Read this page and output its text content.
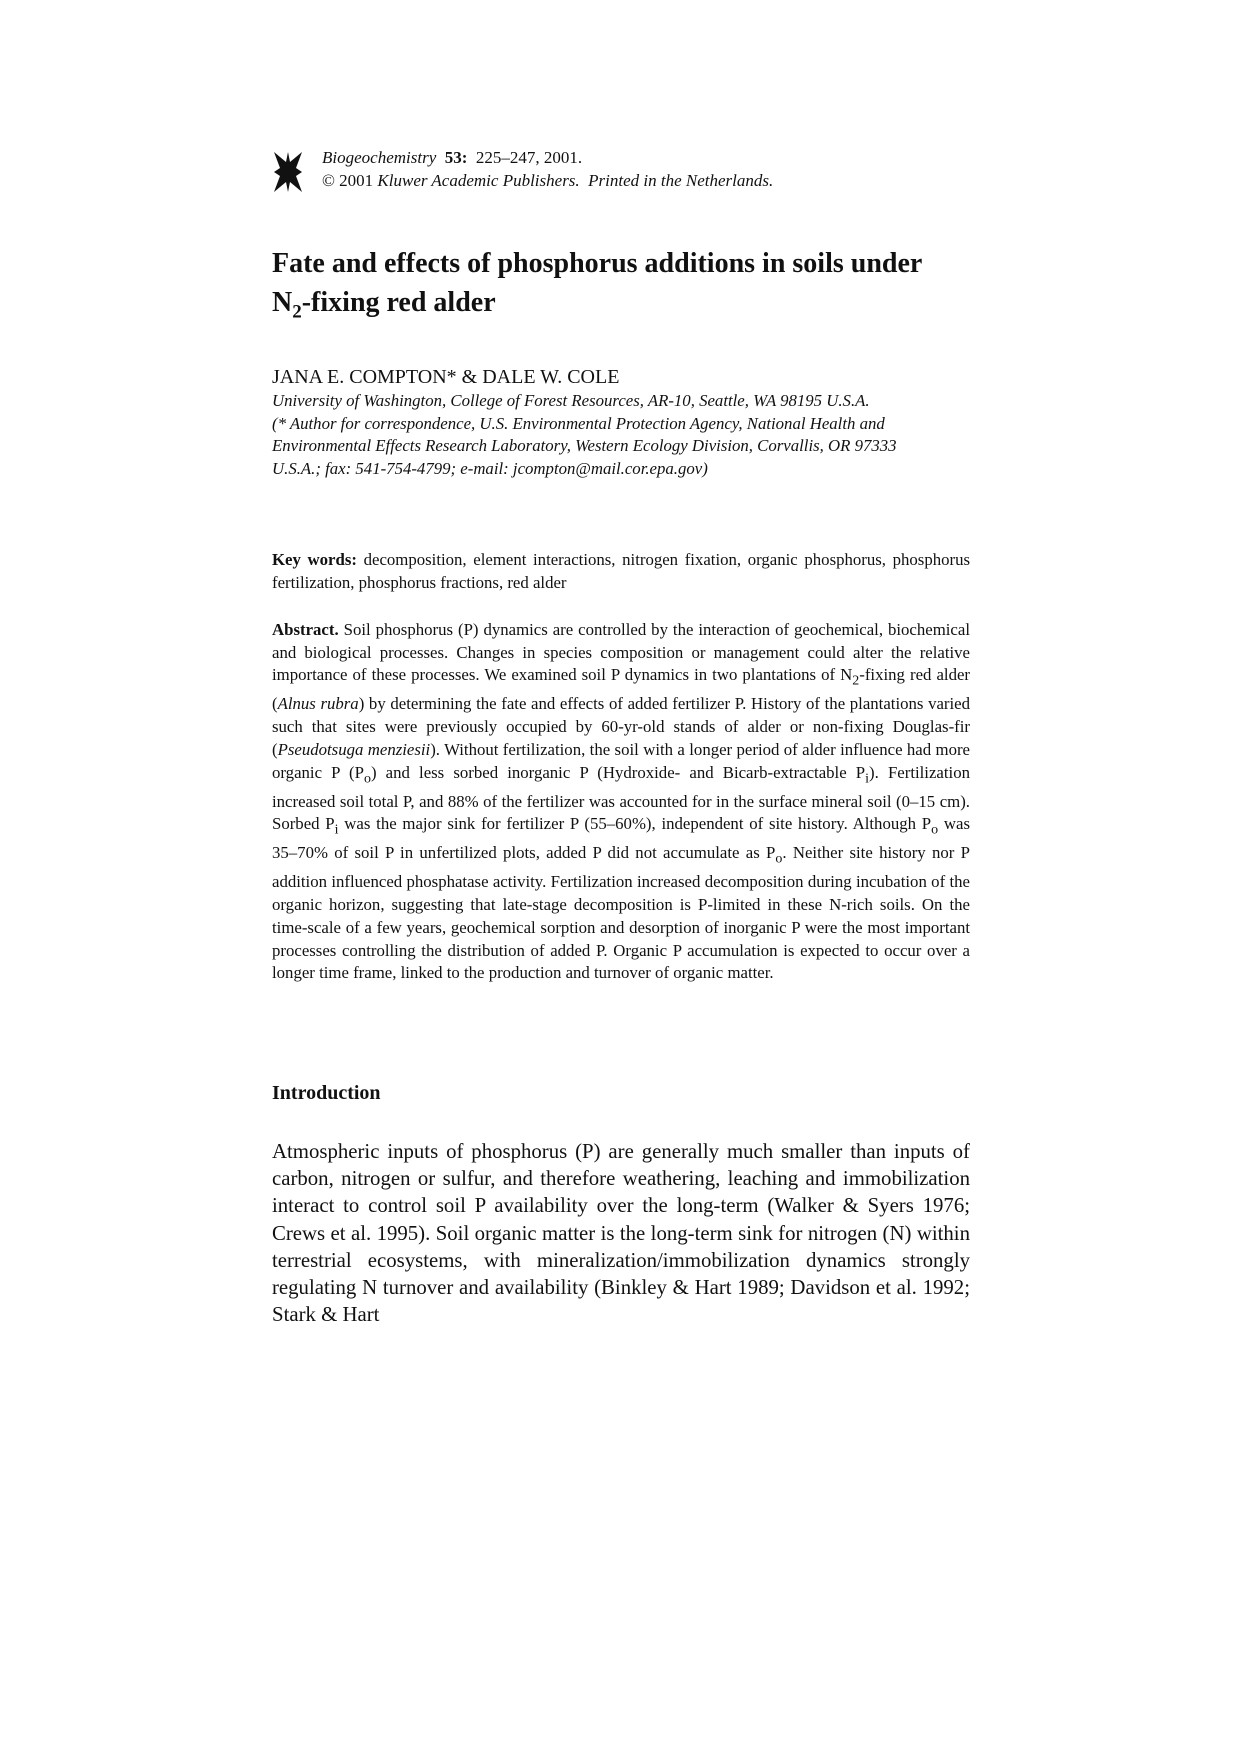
Biogeochemistry 53: 225–247, 2001.
© 2001 Kluwer Academic Publishers. Printed in the Netherlands.
Fate and effects of phosphorus additions in soils under
$N_2$-fixing red alder
JANA E. COMPTON* & DALE W. COLE
University of Washington, College of Forest Resources, AR-10, Seattle, WA 98195 U.S.A.
(* Author for correspondence, U.S. Environmental Protection Agency, National Health and
Environmental Effects Research Laboratory, Western Ecology Division, Corvallis, OR 97333
U.S.A.; fax: 541-754-4799; e-mail: jcompton@mail.cor.epa.gov)
Key words: decomposition, element interactions, nitrogen fixation, organic phosphorus, phosphorus fertilization, phosphorus fractions, red alder
Abstract. Soil phosphorus (P) dynamics are controlled by the interaction of geochemical, biochemical and biological processes. Changes in species composition or management could alter the relative importance of these processes. We examined soil P dynamics in two plantations of $N_2$-fixing red alder (Alnus rubra) by determining the fate and effects of added fertilizer P. History of the plantations varied such that sites were previously occupied by 60-yr-old stands of alder or non-fixing Douglas-fir (Pseudotsuga menziesii). Without fertilization, the soil with a longer period of alder influence had more organic P $(P_o)$ and less sorbed inorganic P (Hydroxide- and Bicarb-extractable $P_i$). Fertilization increased soil total P, and 88% of the fertilizer was accounted for in the surface mineral soil (0–15 cm). Sorbed $P_i$ was the major sink for fertilizer P (55–60%), independent of site history. Although $P_o$ was 35–70% of soil P in unfertilized plots, added P did not accumulate as $P_o$. Neither site history nor P addition influenced phosphatase activity. Fertilization increased decomposition during incubation of the organic horizon, suggesting that late-stage decomposition is P-limited in these N-rich soils. On the time-scale of a few years, geochemical sorption and desorption of inorganic P were the most important processes controlling the distribution of added P. Organic P accumulation is expected to occur over a longer time frame, linked to the production and turnover of organic matter.
Introduction
Atmospheric inputs of phosphorus (P) are generally much smaller than inputs of carbon, nitrogen or sulfur, and therefore weathering, leaching and immobilization interact to control soil P availability over the long-term (Walker & Syers 1976; Crews et al. 1995). Soil organic matter is the long-term sink for nitrogen (N) within terrestrial ecosystems, with mineralization/immobilization dynamics strongly regulating N turnover and availability (Binkley & Hart 1989; Davidson et al. 1992; Stark & Hart
